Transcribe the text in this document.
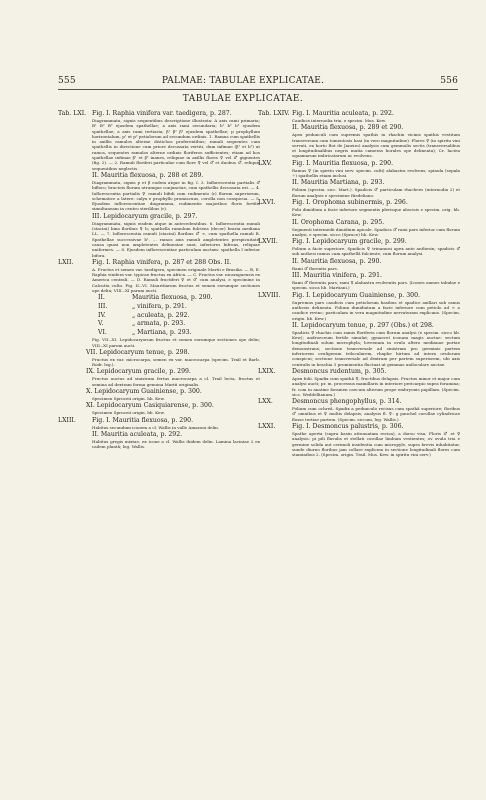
555	PALMAE: TABULAE EXPLICATAE.	556
TABULAE EXPLICATAE.
Tab. LXI. Fig. I. Raphia vinifera var. taedigera, p. 287.
Diagrammata, signis sequentibus descriptione illustrata: A axis rami primaria; B¹ B² B³ ejusdem spathellae; a axis rami secundaria; b¹ b² b³ ejusdem spathellae; a axis rami tertiaria; β¹ β² β³ ejusdem spathellae; p prophyllum horizontalum, p¹ et p² petiolorum ad secundum ordinis. 1. Ramus cum spathellis in axillis ramulos alterne distichos proferentibus; ramuli sequentes cum spathellis in directione cum priore decussata vertiti, dum infimae (β¹ et b²) ut ramos, sequentes ramulos alterne ordinis floriferos sufficientes; etiam ad hos spathellae infimae β¹ et β² inanes, reliquae in axillis flores ♀ vel ♂ gignentes (fig. 2). — 2. Ramuli floriferi particulae cum flore ♀ vel ♂ et duobus ♂, reliquis sequentibus neglectis.
II. Mauritia flexuosa, p. 288 et 289.
Diagrammata, signis p et β eodem atque in fig. I. 3. Inflorescentia partialis ♂ bifloro; bracteis florum utrumque conjunctae, cum spathellis decussata est. — 4. Inflorescentia partialis ♀ ramuli bifidi cum rudimento (r) florum superiorum, schematice a latere: calyx e prophyllo promiscuus, corolla non conspicua. — 5. Ejusdem inflorescentiae diagramma, rudimentis majoribus floris fertilis simultaneam in centro sterilibus (r).
III. Lepidocaryum gracile, p. 297.
Diagrammata, signis eisdem atque in antecedentibus. 6. Inflorescentia ramuli (stacini) bina floribus ♀ b; spathella ramulum fulciens (decor) braria mediana LL. — 7. Inflorescentia ramuli (stacini) floribus ♂ ∞, cum spathella ramuli B. Spathellae successivae b¹, ... ramos axis ramuli ampletentes perspicuitatis causa quasi non ampletentes delineatae sunt, inferiores bifrons, reliquae uniformes. — 8. Ejusdem inflorescentiae particulam auctam: spathella I inferior bifora.
LXII.	Fig. I. Raphia vinifera, p. 287 et 288 Obs. II.
A. Fructus et semen var. taedigera, specimen originale Martii e Brasilia. — B, E. Raphia vinifera var. typicae fructus ex Africa. — C. Fructus var. nicaraguensis ex America centrali. — D. Ramuli fructiferi ♀ et ♂ cum analysi, e specimine in Calcutta culto. Fig. II.–VI. Mauritiarum fructus et semen eorumque sectiones ope delin; VIII.–XI parum aucti.
II.	Mauritia flexuosa, p. 290.
III.	„ vinifera, p. 291.
IV.	„ aculeata, p. 292.
V.	„ armata, p. 293.
VI.	„ Martiana, p. 293.
Fig. VII.–XI. Lepidocaryorum fructus et semen eorumque sectiones ope delin; VIII.–XI parum aucti.
VII. Lepidocaryum tenue, p. 298.
Fructus ex var. microcarpa, semen ex var. macrocarpa (specim. Trail et Barb. Rodr. leg.).
IX. Lepidocaryum gracile, p. 299.
Fructus auctus ad sinistram fertus macrocarpa a cl. Trail lecta, fructus et semina ad dextram forma genuina Martii originalis.
X. Lepidocaryum Guainiense, p. 300.
Specimen Spruceii origin. hb. Kew.
XI. Lepidocaryum Casiquiarense, p. 300.
Specimen Spruceii origin. hb. Kew.
LXIII.	Fig. I. Mauritia flexuosa, p. 290.
Habitus secundum iconem a cl. Wallis in valle Amazoni delin.
II. Mauritia aculeata, p. 292.
Habitus gregis mixtae, ex icone a cl. Wallis ibidem delin. Lamina laciniae 2 ex cadem plantâ; leg. Wallis.
Tab. LXIV. Fig. I. Mauritia aculeata, p. 292.
Caudicis internodia tria, e specim. Mus. Kew.
II. Mauritia flexuosa, p. 289 et 290.
Apex pedunculi cum supremis spathis in rhachin vicinis spathis vestitum transversum cum tomentosis hasi (in vero magnitudine). Flores ♀ (in spiritu vini servati, ex horto Bot de Janeiro) analysis cum gemmulis sectis (transversalibus et longitudinalibus negris mutia cameras borales ope delineata); Cr. lactea squamarum imbricatarum ac evolvens.
LXV.	Fig. I. Mauritia flexuosa, p. 290.
Ramus ♀ (in spiritu vini serv. specim. culti) alabastra evolvens, spinula (sepala ÷) spathellis etiam inclusi.
II. Mauritia Martiana, p. 293.
Folium (specim. sicc. Mart.). Spadicis ♂ particulam rhachees (internodia 2) et florum analysis e specimine Riedeliano.
LXVI.	Fig. I. Orophoma subinermis, p. 296.
Folii dimidium a facie inferiore segmentis plerisque abscisis e specim. orig. hb. Kew.
II. Orophoma Carana, p. 295.
Segmenti intermedii dimidium apicale. Spadicis ♂ rami pars inferior cum florum analysi, e specim. sicco (Spruce) hb. Kew.
LXVII. Fig. I. Lepidocaryum gracile, p. 299.
Folium a facie superiore. Spadicis ♀ trinamosi apex ante anthesin; spadicis ♂ sub anthesi ramus cum spathellâ fulciente, cum florum analysi.
II. Mauritia flexuosa, p. 290.
Rami ♂ florentis pars.
III. Mauritia vinifera, p. 291.
Rami ♂ florentis pars; rami ♀ alabastra evolventis pars. (Icones omnes tabulae e specim. sicca hb. Martiani.)
LXVIII. Fig. I. Lepidocaryum Guainiense, p. 300.
Supremus pars caudicis cum petiolorum basibus et spadice axillari sub ramis anthesis delineata. Folium dimidiatum a facie inferiore cum petiolo ad ∞ a caudice revinc; particulam in vera magnitudine nervaturam explicans. (Specim. origin. hb. Kew.)
II. Lepidocaryum tenue, p. 297 (Obs.) et 298.
Spadicis ♀ rhachis cum ramis floriferis cum florum analysi (e specim. sicco hb. Kew); androeceum fertile simulat; gynaeceí iconum magis auctae: sectum longitudinali solum microphyla; loveenum in ovulo altero medianae portae demonstrans; sectione transversale ad sinistram pro germinis partem inferiorem ovuligeram trilocularem, rhaphe hirtum ad intera ovulorum conspicui; sectione transversale ad dextram per partem superiorem, ubi axis centralis in brachia 3 prominentia fluctuat ut gemmas uniloculare auctae.
LXIX.	Desmoncus rudentum, p. 305.
Apex folii. Spadix cum spathâ ♀, fructibus delapsis. Fructus minor et major cum analysi aucti; pr. m. processus mamillaris in interiore pericarpio supra foramina; fr. com in anatine foramen caecum alterum prope embryonis papillam. (Specim. sicc. Weddellianum.)
LXX.	Desmoncus phengophyllus, p. 314.
Folium cum ochreâ. Spadix a pedunculo recisus cum spathâ superiore; floribus ♂ omnibus et ♀ multis delapsis; analysis fl. ♀: g pauchel corollae cylindricae flosse tertiae partem. (Specim. siccum, leg. Wallis.)
LXXI.	Fig. I. Desmoncus palustris, p. 306.
Spathe aperta (supra basin attenuatam recisa), a dorso visa. Floris ♂ et ♀ analysis: pi pili flavulis et stellati corollae limbum vestientes; ov ovula tria e germine solida aut cerimoli insidentia cum micropyle, supra brevis inhabitatur, sunde diurno floribus jam collare explicem in sectione longitudinali flores cum staminibus 2. (Specim. origin. Trail. Mus. Kew. in spiritu vini serv.)
